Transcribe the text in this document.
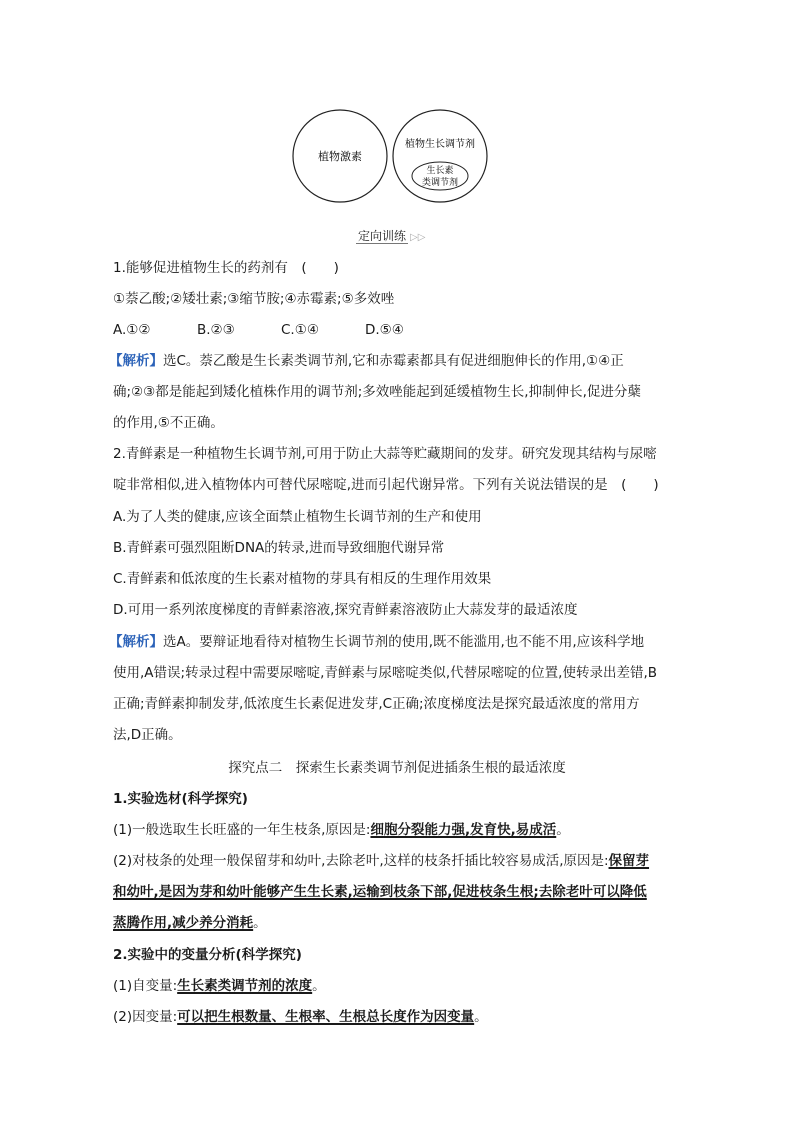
植物激素
植物生长调节剂
生长素
类调节剂
定向训练 ▷▷
1.能够促进植物生长的药剂有　(　　)
①萘乙酸;②矮壮素;③缩节胺;④赤霉素;⑤多效唑
A.①②	B.②③	C.①④	D.⑤④
【解析】选C。萘乙酸是生长素类调节剂,它和赤霉素都具有促进细胞伸长的作用,①④正
确;②③都是能起到矮化植株作用的调节剂;多效唑能起到延缓植物生长,抑制伸长,促进分蘖
的作用,⑤不正确。
2.青鲜素是一种植物生长调节剂,可用于防止大蒜等贮藏期间的发芽。研究发现其结构与尿嘧
啶非常相似,进入植物体内可替代尿嘧啶,进而引起代谢异常。下列有关说法错误的是　(　　)
A.为了人类的健康,应该全面禁止植物生长调节剂的生产和使用
B.青鲜素可强烈阻断DNA的转录,进而导致细胞代谢异常
C.青鲜素和低浓度的生长素对植物的芽具有相反的生理作用效果
D.可用一系列浓度梯度的青鲜素溶液,探究青鲜素溶液防止大蒜发芽的最适浓度
【解析】选A。要辩证地看待对植物生长调节剂的使用,既不能滥用,也不能不用,应该科学地
使用,A错误;转录过程中需要尿嘧啶,青鲜素与尿嘧啶类似,代替尿嘧啶的位置,使转录出差错,B
正确;青鲜素抑制发芽,低浓度生长素促进发芽,C正确;浓度梯度法是探究最适浓度的常用方
法,D正确。
探究点二　探索生长素类调节剂促进插条生根的最适浓度
1.实验选材(科学探究)
(1)一般选取生长旺盛的一年生枝条,原因是:细胞分裂能力强,发育快,易成活。
(2)对枝条的处理一般保留芽和幼叶,去除老叶,这样的枝条扦插比较容易成活,原因是:保留芽
和幼叶,是因为芽和幼叶能够产生生长素,运输到枝条下部,促进枝条生根;去除老叶可以降低
蒸腾作用,减少养分消耗。
2.实验中的变量分析(科学探究)
(1)自变量:生长素类调节剂的浓度。
(2)因变量:可以把生根数量、生根率、生根总长度作为因变量。
